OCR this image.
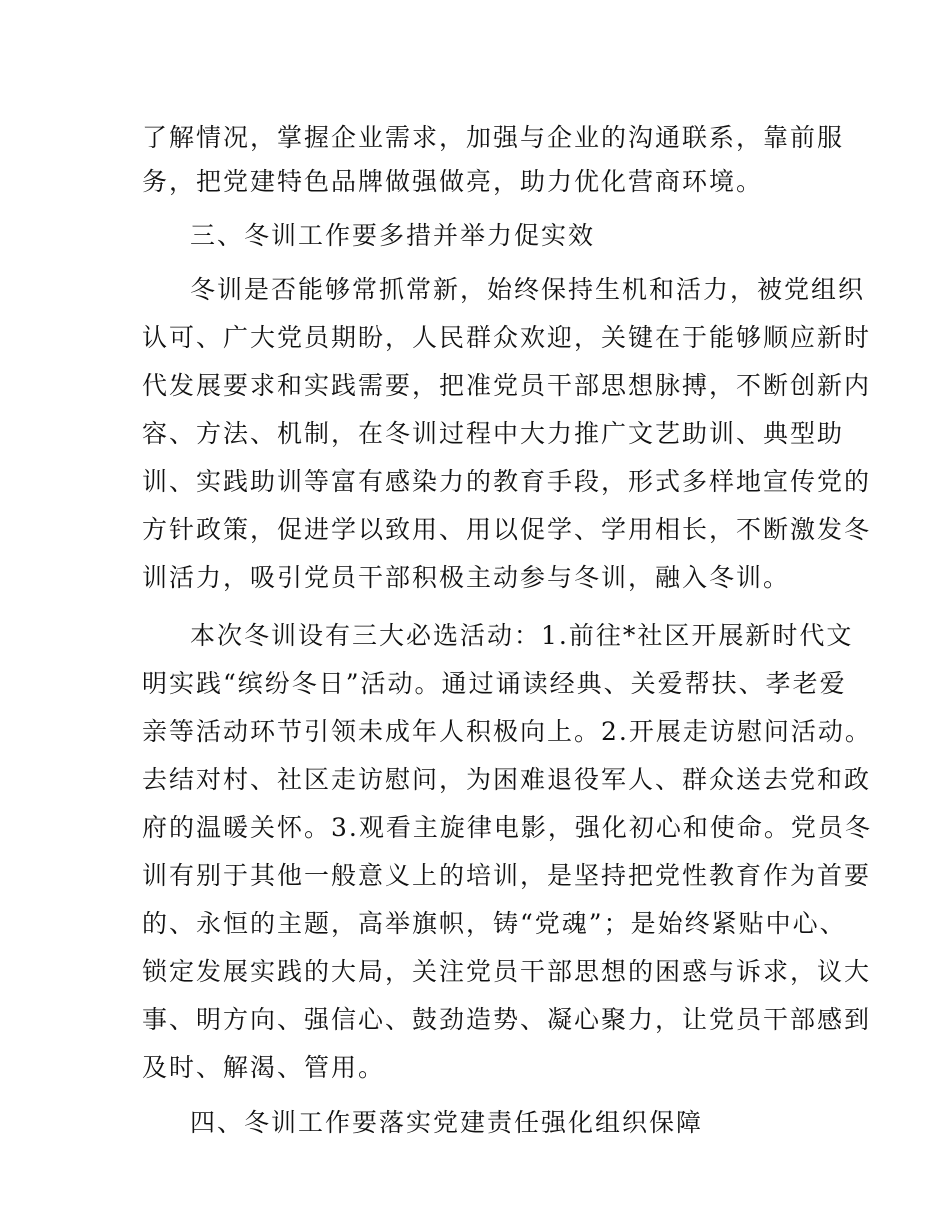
了解情况，掌握企业需求，加强与企业的沟通联系，靠前服
务，把党建特色品牌做强做亮，助力优化营商环境。
三、冬训工作要多措并举力促实效
冬训是否能够常抓常新，始终保持生机和活力，被党组织
认可、广大党员期盼，人民群众欢迎，关键在于能够顺应新时
代发展要求和实践需要，把准党员干部思想脉搏，不断创新内
容、方法、机制，在冬训过程中大力推广文艺助训、典型助
训、实践助训等富有感染力的教育手段，形式多样地宣传党的
方针政策，促进学以致用、用以促学、学用相长，不断激发冬
训活力，吸引党员干部积极主动参与冬训，融入冬训。
本次冬训设有三大必选活动：1.前往*社区开展新时代文
明实践“缤纷冬日”活动。通过诵读经典、关爱帮扶、孝老爱
亲等活动环节引领未成年人积极向上。2.开展走访慰问活动。
去结对村、社区走访慰问，为困难退役军人、群众送去党和政
府的温暖关怀。3.观看主旋律电影，强化初心和使命。党员冬
训有别于其他一般意义上的培训，是坚持把党性教育作为首要
的、永恒的主题，高举旗帜，铸“党魂”；是始终紧贴中心、
锁定发展实践的大局，关注党员干部思想的困惑与诉求，议大
事、明方向、强信心、鼓劲造势、凝心聚力，让党员干部感到
及时、解渴、管用。
四、冬训工作要落实党建责任强化组织保障
